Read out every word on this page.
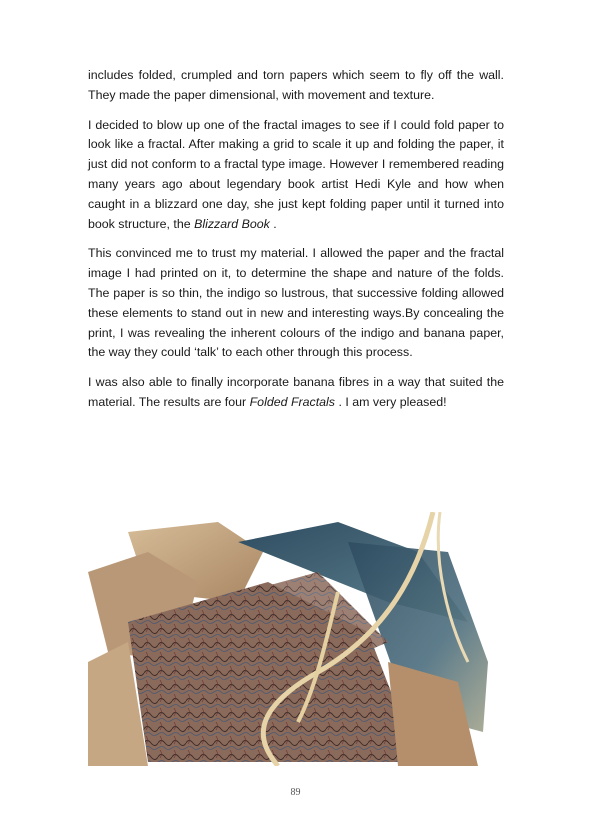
includes folded, crumpled and torn papers which seem to fly off the wall. They made the paper dimensional, with movement and texture.

I decided to blow up one of the fractal images to see if I could fold paper to look like a fractal. After making a grid to scale it up and folding the paper, it just did not conform to a fractal type image. However I remembered reading many years ago about legendary book artist Hedi Kyle and how when caught in a blizzard one day, she just kept folding paper until it turned into book structure, the Blizzard Book .

This convinced me to trust my material. I allowed the paper and the fractal image I had printed on it, to determine the shape and nature of the folds. The paper is so thin, the indigo so lustrous, that successive folding allowed these elements to stand out in new and interesting ways.By concealing the print, I was revealing the inherent colours of the indigo and banana paper, the way they could ‘talk’ to each other through this process.

I was also able to finally incorporate banana fibres in a way that suited the material. The results are four Folded Fractals . I am very pleased!

89
